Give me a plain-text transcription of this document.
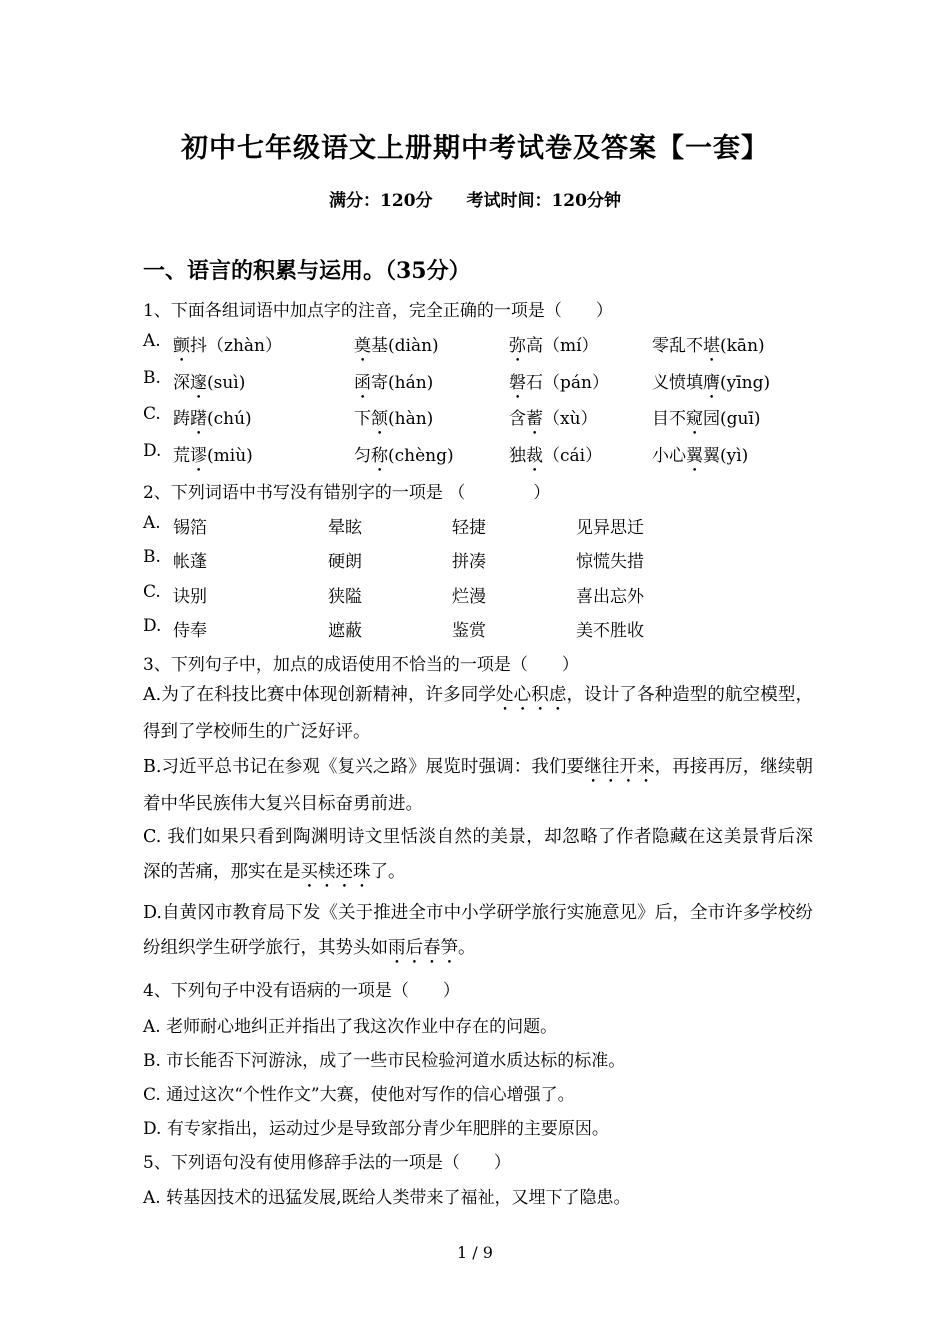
初中七年级语文上册期中考试卷及答案【一套】
满分：120分 考试时间：120分钟
一、语言的积累与运用。（35分）
1、下面各组词语中加点字的注音，完全正确的一项是（　　）
A. 颤抖（zhàn）	奠基(diàn)	弥高（mí）	零乱不堪(kān)
B. 深邃(suì)	函寄(hán)	磐石（pán）	义愤填膺(yīng)
C. 踌躇(chú)	下颔(hàn)	含蓄（xù）	目不窥园(guī)
D. 荒谬(miù)	匀称(chèng)	独裁（cái）	小心翼翼(yì)
2、下列词语中书写没有错别字的一项是 （　　　　）
A. 锡箔	晕眩	轻捷	见异思迁
B. 帐蓬	硬朗	拼凑	惊慌失措
C. 诀别	狭隘	烂漫	喜出忘外
D. 侍奉	遮蔽	鉴赏	美不胜收
3、下列句子中，加点的成语使用不恰当的一项是（　　）
A.为了在科技比赛中体现创新精神，许多同学处心积虑，设计了各种造型的航空模型，得到了学校师生的广泛好评。
B.习近平总书记在参观《复兴之路》展览时强调：我们要继往开来，再接再厉，继续朝着中华民族伟大复兴目标奋勇前进。
C. 我们如果只看到陶渊明诗文里恬淡自然的美景，却忽略了作者隐藏在这美景背后深深的苦痛，那实在是买椟还珠了。
D.自黄冈市教育局下发《关于推进全市中小学研学旅行实施意见》后，全市许多学校纷纷组织学生研学旅行，其势头如雨后春笋。
4、下列句子中没有语病的一项是（　　）
A. 老师耐心地纠正并指出了我这次作业中存在的问题。
B. 市长能否下河游泳，成了一些市民检验河道水质达标的标准。
C. 通过这次“个性作文”大赛，使他对写作的信心增强了。
D. 有专家指出，运动过少是导致部分青少年肥胖的主要原因。
5、下列语句没有使用修辞手法的一项是（　　）
A. 转基因技术的迅猛发展,既给人类带来了福祉，又埋下了隐患。
1 / 9
